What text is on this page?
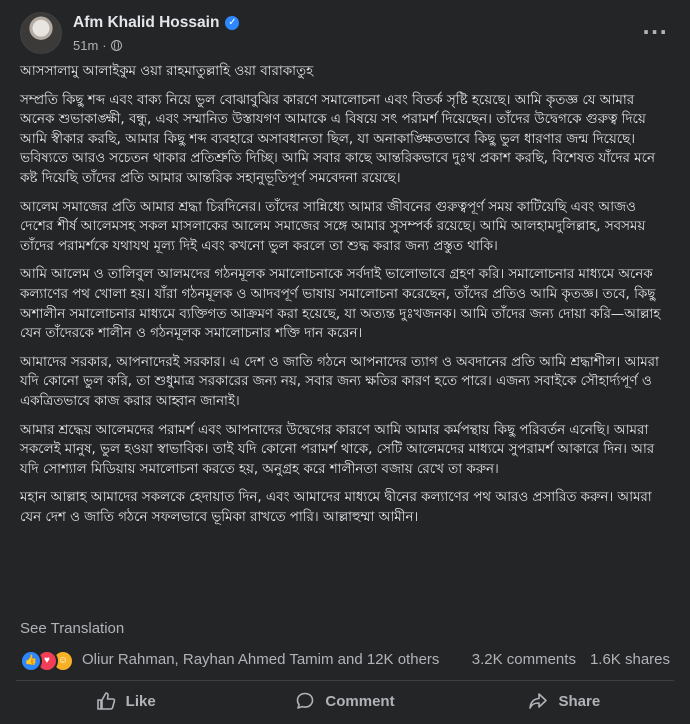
Afm Khalid Hossain ✓
51m ·
···

আসসালামু আলাইকুম ওয়া রাহমাতুল্লাহি ওয়া বারাকাতুহ

সম্প্রতি কিছু শব্দ এবং বাক্য নিয়ে ভুল বোঝাবুঝির কারণে সমালোচনা এবং বিতর্ক সৃষ্টি হয়েছে। আমি কৃতজ্ঞ যে আমার অনেক শুভাকাঙ্ক্ষী, বন্ধু, এবং সম্মানিত উস্তাযগণ আমাকে এ বিষয়ে সৎ পরামর্শ দিয়েছেন। তাঁদের উদ্বেগকে গুরুত্ব দিয়ে আমি স্বীকার করছি, আমার কিছু শব্দ ব্যবহারে অসাবধানতা ছিল, যা অনাকাঙ্ক্ষিতভাবে কিছু ভুল ধারণার জন্ম দিয়েছে। ভবিষ্যতে আরও সচেতন থাকার প্রতিশ্রুতি দিচ্ছি। আমি সবার কাছে আন্তরিকভাবে দুঃখ প্রকাশ করছি, বিশেষত যাঁদের মনে কষ্ট দিয়েছি তাঁদের প্রতি আমার আন্তরিক সহানুভূতিপূর্ণ সমবেদনা রয়েছে।

আলেম সমাজের প্রতি আমার শ্রদ্ধা চিরদিনের। তাঁদের সান্নিধ্যে আমার জীবনের গুরুত্বপূর্ণ সময় কাটিয়েছি এবং আজও দেশের শীর্ষ আলেমসহ সকল মাসলাকের আলেম সমাজের সঙ্গে আমার সুসম্পর্ক রয়েছে। আমি আলহামদুলিল্লাহ, সবসময় তাঁদের পরামর্শকে যথাযথ মূল্য দিই এবং কখনো ভুল করলে তা শুদ্ধ করার জন্য প্রস্তুত থাকি।

আমি আলেম ও তালিবুল আলমদের গঠনমূলক সমালোচনাকে সর্বদাই ভালোভাবে গ্রহণ করি। সমালোচনার মাধ্যমে অনেক কল্যাণের পথ খোলা হয়। যাঁরা গঠনমূলক ও আদবপূর্ণ ভাষায় সমালোচনা করেছেন, তাঁদের প্রতিও আমি কৃতজ্ঞ। তবে, কিছু অশালীন সমালোচনার মাধ্যমে ব্যক্তিগত আক্রমণ করা হয়েছে, যা অত্যন্ত দুঃখজনক। আমি তাঁদের জন্য দোয়া করি—আল্লাহ যেন তাঁদেরকে শালীন ও গঠনমূলক সমালোচনার শক্তি দান করেন।

আমাদের সরকার, আপনাদেরই সরকার। এ দেশ ও জাতি গঠনে আপনাদের ত্যাগ ও অবদানের প্রতি আমি শ্রদ্ধাশীল। আমরা যদি কোনো ভুল করি, তা শুধুমাত্র সরকারের জন্য নয়, সবার জন্য ক্ষতির কারণ হতে পারে। এজন্য সবাইকে সৌহার্দ্যপূর্ণ ও একত্রিতভাবে কাজ করার আহ্বান জানাই।

আমার শ্রদ্ধেয় আলেমদের পরামর্শ এবং আপনাদের উদ্বেগের কারণে আমি আমার কর্মপন্থায় কিছু পরিবর্তন এনেছি। আমরা সকলেই মানুষ, ভুল হওয়া স্বাভাবিক। তাই যদি কোনো পরামর্শ থাকে, সেটি আলেমদের মাধ্যমে সুপরামর্শ আকারে দিন। আর যদি সোশ্যাল মিডিয়ায় সমালোচনা করতে হয়, অনুগ্রহ করে শালীনতা বজায় রেখে তা করুন।

মহান আল্লাহ আমাদের সকলকে হেদায়াত দিন, এবং আমাদের মাধ্যমে দ্বীনের কল্যাণের পথ আরও প্রসারিত করুন। আমরা যেন দেশ ও জাতি গঠনে সফলভাবে ভূমিকা রাখতে পারি। আল্লাহুম্মা আমীন।

See Translation
👍 ♥ ☺ Oliur Rahman, Rayhan Ahmed Tamim and 12K others 3.2K comments 1.6K shares
Like	Comment	Share
